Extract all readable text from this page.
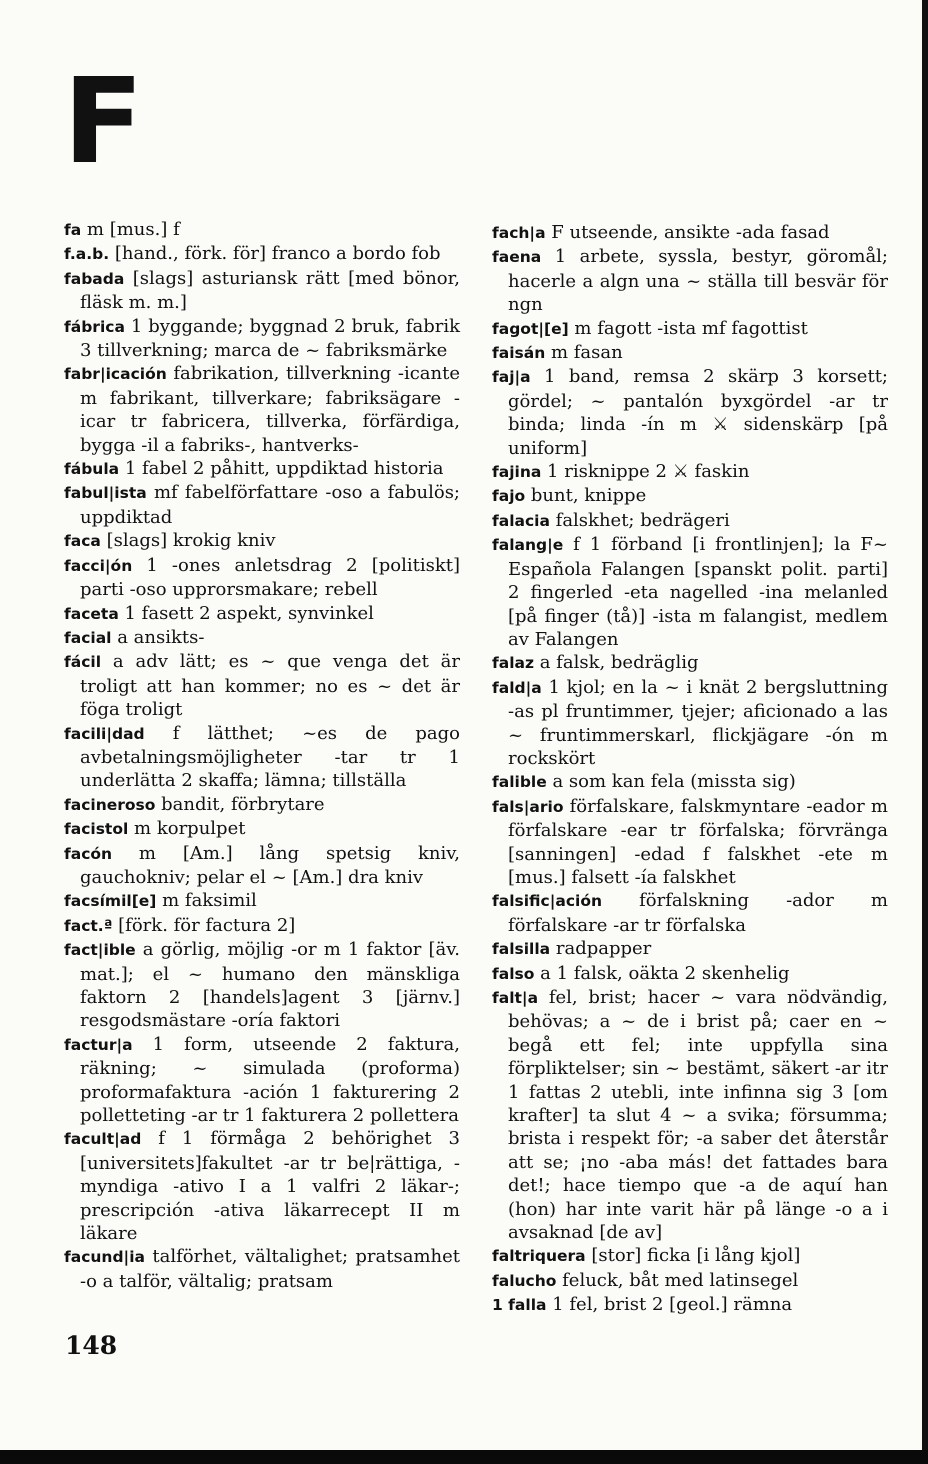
F

fa m [mus.] f

f.a.b. [hand., förk. för] franco a bordo fob

fabada [slags] asturiansk rätt [med bönor, fläsk m. m.]

fábrica 1 byggande; byggnad 2 bruk, fabrik 3 tillverkning; marca de ~ fabriksmärke

fabr|icación fabrikation, tillverkning -icante m fabrikant, tillverkare; fabriksägare -icar tr fabricera, tillverka, förfärdiga, bygga -il a fabriks-, hantverks-

fábula 1 fabel 2 påhitt, uppdiktad historia

fabul|ista mf fabelförfattare -oso a fabulös; uppdiktad

faca [slags] krokig kniv

facci|ón 1 -ones anletsdrag 2 [politiskt] parti -oso upprorsmakare; rebell

faceta 1 fasett 2 aspekt, synvinkel

facial a ansikts-

fácil a adv lätt; es ~ que venga det är troligt att han kommer; no es ~ det är föga troligt

facili|dad f lätthet; ~es de pago avbetalningsmöjligheter -tar tr 1 underlätta 2 skaffa; lämna; tillställa

facineroso bandit, förbrytare

facistol m korpulpet

facón m [Am.] lång spetsig kniv, gauchokniv; pelar el ~ [Am.] dra kniv

facsímil[e] m faksimil

fact.ª [förk. för factura 2]

fact|ible a görlig, möjlig -or m 1 faktor [äv. mat.]; el ~ humano den mänskliga faktorn 2 [handels]agent 3 [järnv.] resgodsmästare -oría faktori

factur|a 1 form, utseende 2 faktura, räkning; ~ simulada (proforma) proformafaktura -ación 1 fakturering 2 polletteting -ar tr 1 fakturera 2 pollettera

facult|ad f 1 förmåga 2 behörighet 3 [universitets]fakultet -ar tr be|rättiga, -myndiga -ativo I a 1 valfri 2 läkar-; prescripción -ativa läkarrecept II m läkare

facund|ia talförhet, vältalighet; pratsamhet -o a talför, vältalig; pratsam

fach|a F utseende, ansikte -ada fasad

faena 1 arbete, syssla, bestyr, göromål; hacerle a algn una ~ ställa till besvär för ngn

fagot|[e] m fagott -ista mf fagottist

faisán m fasan

faj|a 1 band, remsa 2 skärp 3 korsett; gördel; ~ pantalón byxgördel -ar tr binda; linda -ín m ⚔ sidenskärp [på uniform]

fajina 1 risknippe 2 ⚔ faskin

fajo bunt, knippe

falacia falskhet; bedrägeri

falang|e f 1 förband [i frontlinjen]; la F~ Española Falangen [spanskt polit. parti] 2 fingerled -eta nagelled -ina melanled [på finger (tå)] -ista m falangist, medlem av Falangen

falaz a falsk, bedräglig

fald|a 1 kjol; en la ~ i knät 2 bergsluttning -as pl fruntimmer, tjejer; aficionado a las ~ fruntimmerskarl, flickjägare -ón m rockskört

falible a som kan fela (missta sig)

fals|ario förfalskare, falskmyntare -eador m förfalskare -ear tr förfalska; förvränga [sanningen] -edad f falskhet -ete m [mus.] falsett -ía falskhet

falsific|ación förfalskning -ador m förfalskare -ar tr förfalska

falsilla radpapper

falso a 1 falsk, oäkta 2 skenhelig

falt|a fel, brist; hacer ~ vara nödvändig, behövas; a ~ de i brist på; caer en ~ begå ett fel; inte uppfylla sina förpliktelser; sin ~ bestämt, säkert -ar itr 1 fattas 2 utebli, inte infinna sig 3 [om krafter] ta slut 4 ~ a svika; försumma; brista i respekt för; -a saber det återstår att se; ¡no -aba más! det fattades bara det!; hace tiempo que -a de aquí han (hon) har inte varit här på länge -o a i avsaknad [de av]

faltriquera [stor] ficka [i lång kjol]

falucho feluck, båt med latinsegel

1 falla 1 fel, brist 2 [geol.] rämna

148
